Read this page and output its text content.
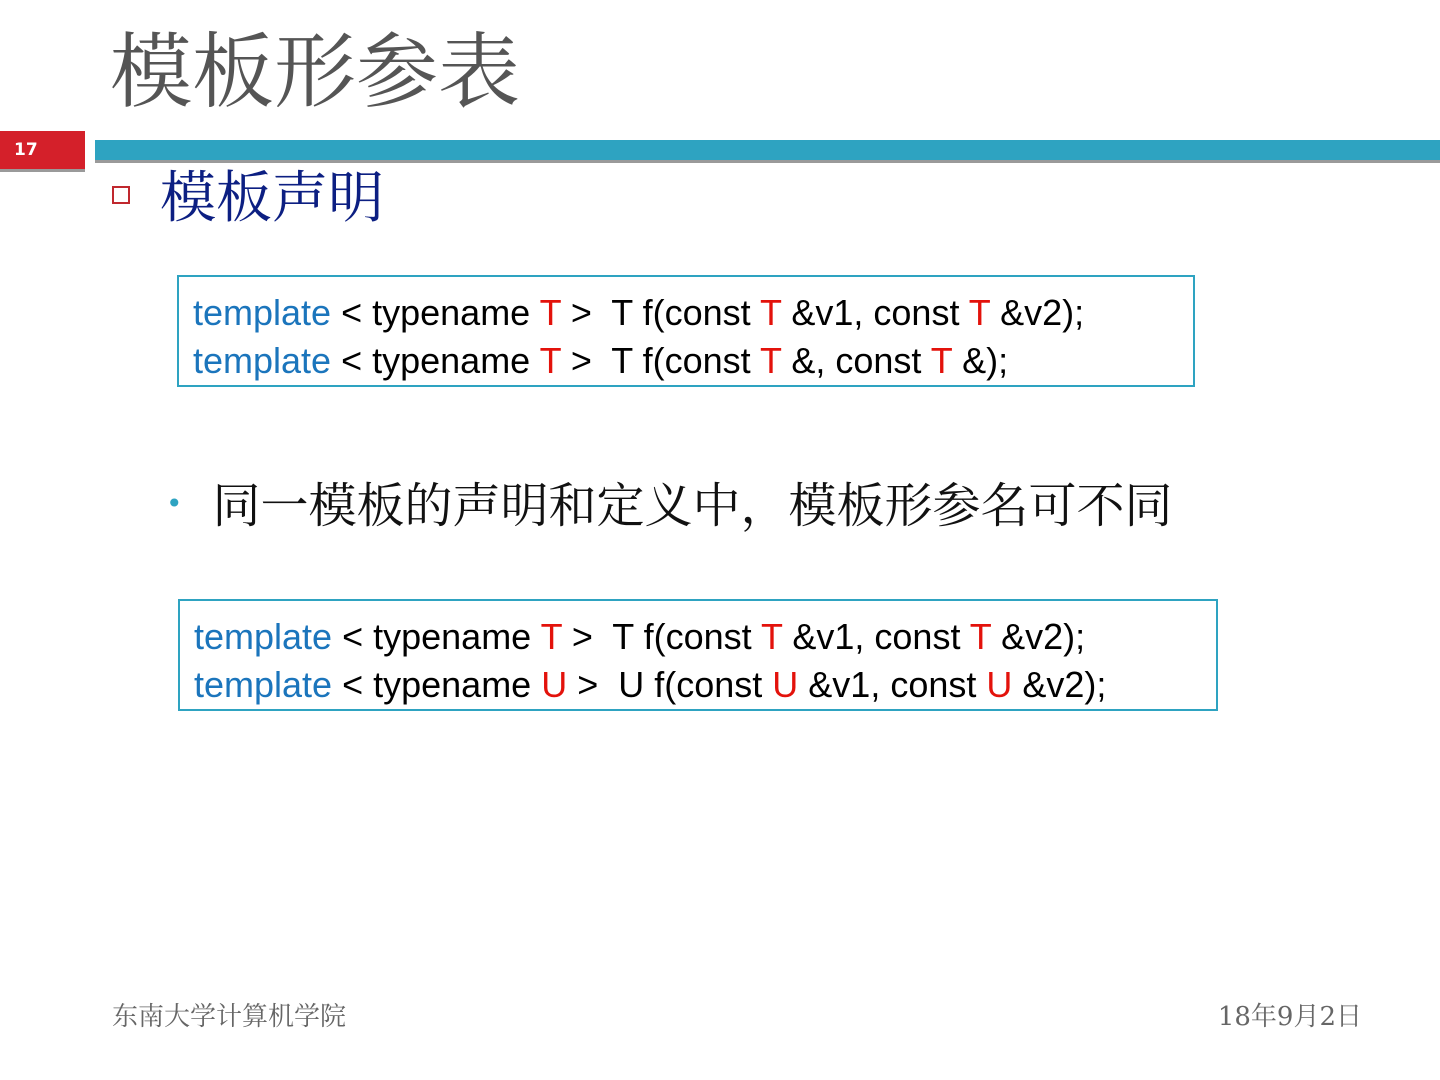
模板形参表
17
模板声明
template < typename T >  T f(const T &v1, const T &v2);
template < typename T >  T f(const T &, const T &);
• 同一模板的声明和定义中，模板形参名可不同
template < typename T >  T f(const T &v1, const T &v2);
template < typename U >  U f(const U &v1, const U &v2);
东南大学计算机学院	18年9月2日
